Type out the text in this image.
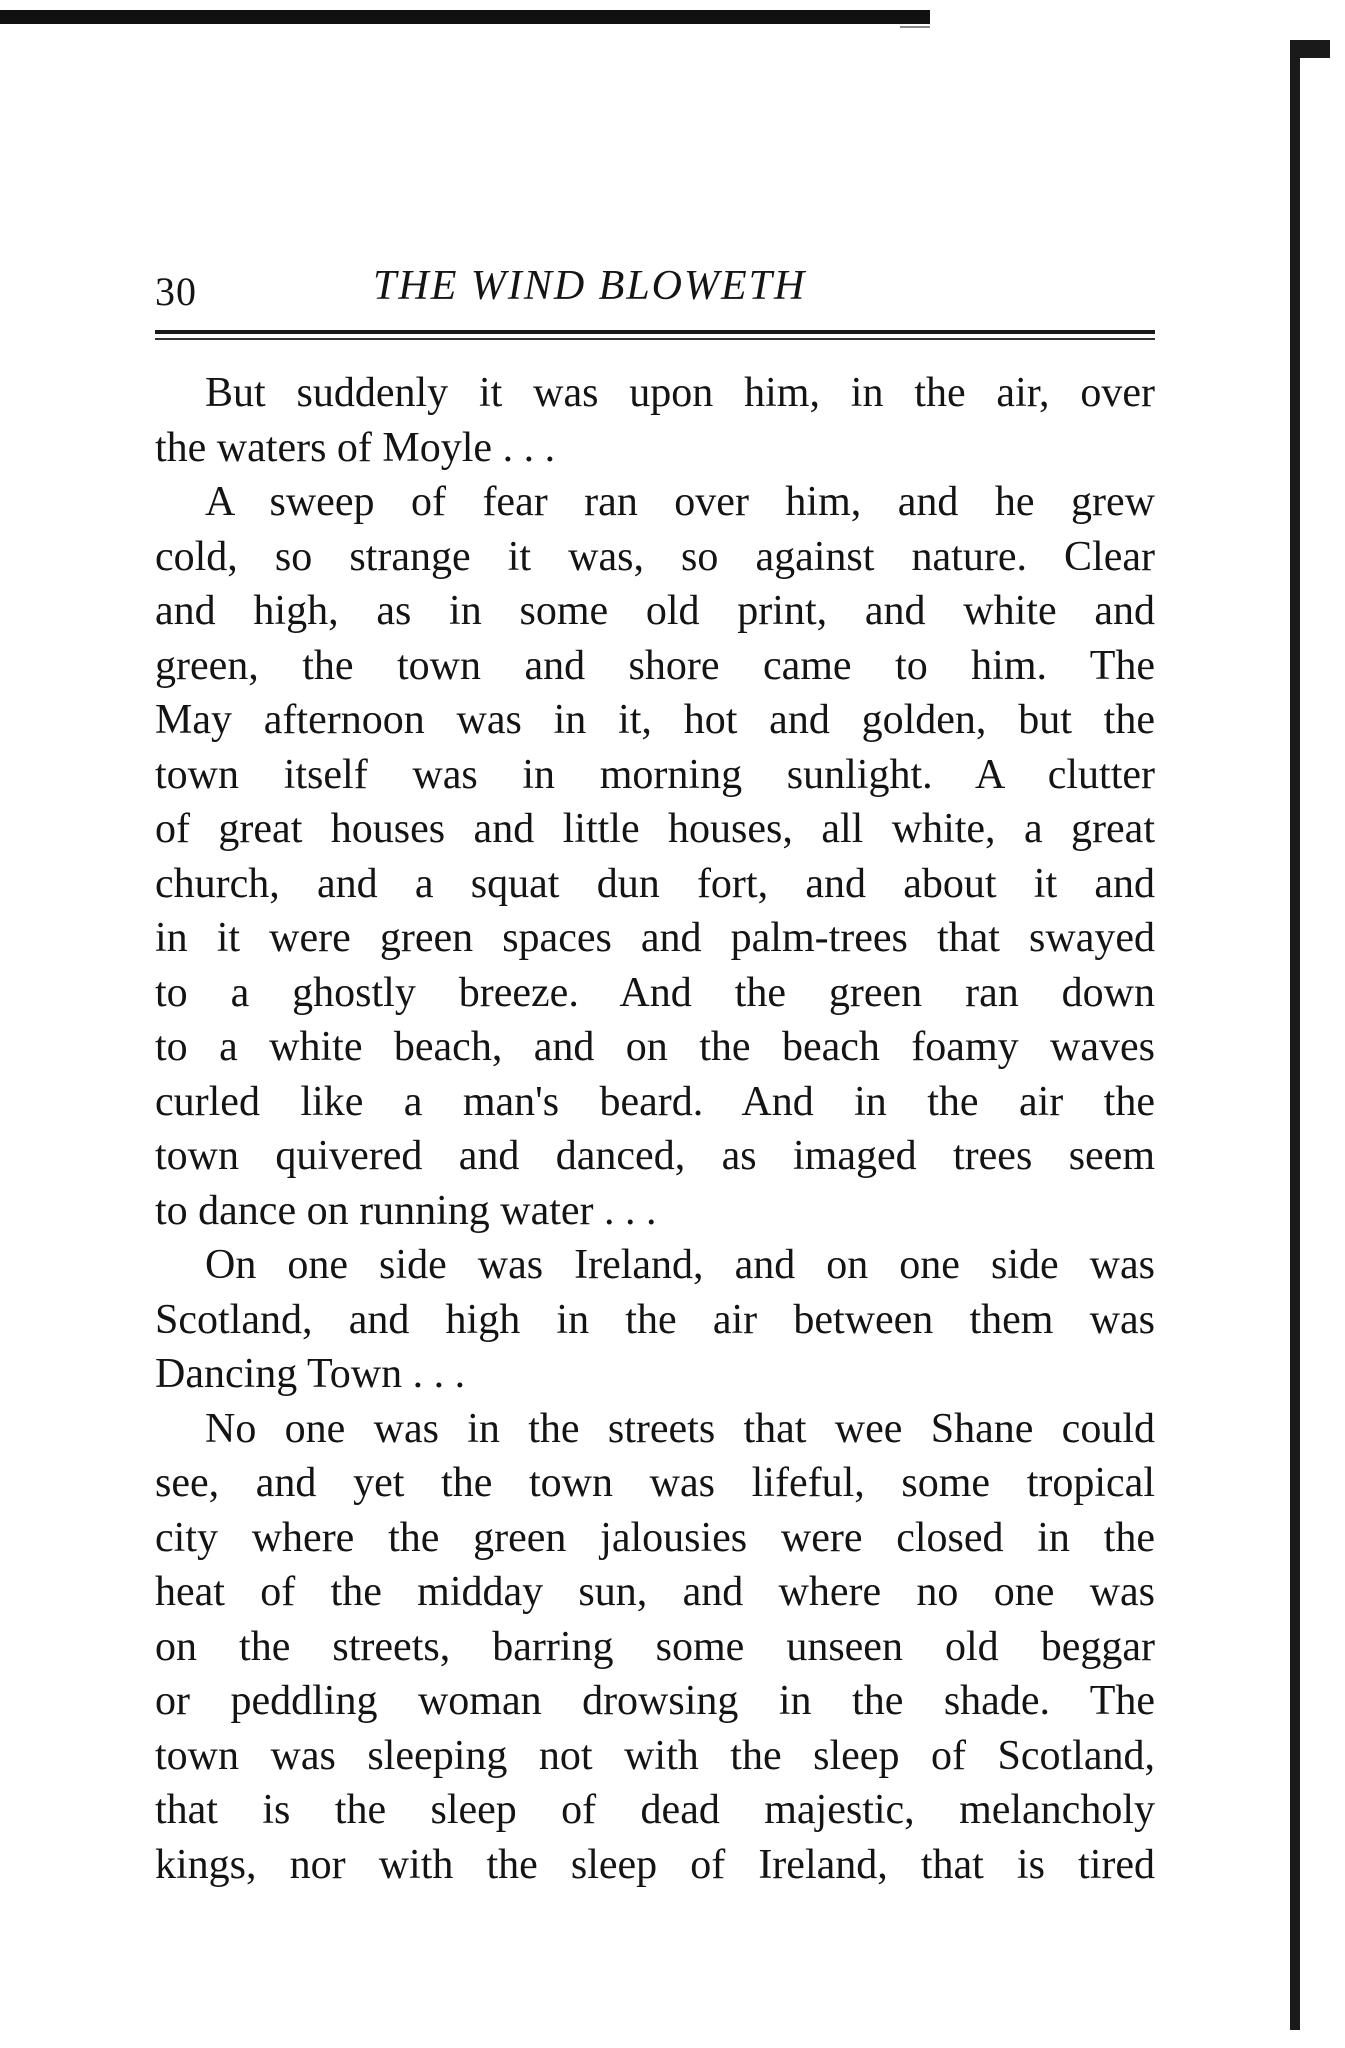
30	THE WIND BLOWETH
But suddenly it was upon him, in the air, over
the waters of Moyle . . .
A sweep of fear ran over him, and he grew
cold, so strange it was, so against nature. Clear
and high, as in some old print, and white and
green, the town and shore came to him. The
May afternoon was in it, hot and golden, but the
town itself was in morning sunlight. A clutter
of great houses and little houses, all white, a great
church, and a squat dun fort, and about it and
in it were green spaces and palm-trees that swayed
to a ghostly breeze. And the green ran down
to a white beach, and on the beach foamy waves
curled like a man's beard. And in the air the
town quivered and danced, as imaged trees seem
to dance on running water . . .
On one side was Ireland, and on one side was
Scotland, and high in the air between them was
Dancing Town . . .
No one was in the streets that wee Shane could
see, and yet the town was lifeful, some tropical
city where the green jalousies were closed in the
heat of the midday sun, and where no one was
on the streets, barring some unseen old beggar
or peddling woman drowsing in the shade. The
town was sleeping not with the sleep of Scotland,
that is the sleep of dead majestic, melancholy
kings, nor with the sleep of Ireland, that is tired
